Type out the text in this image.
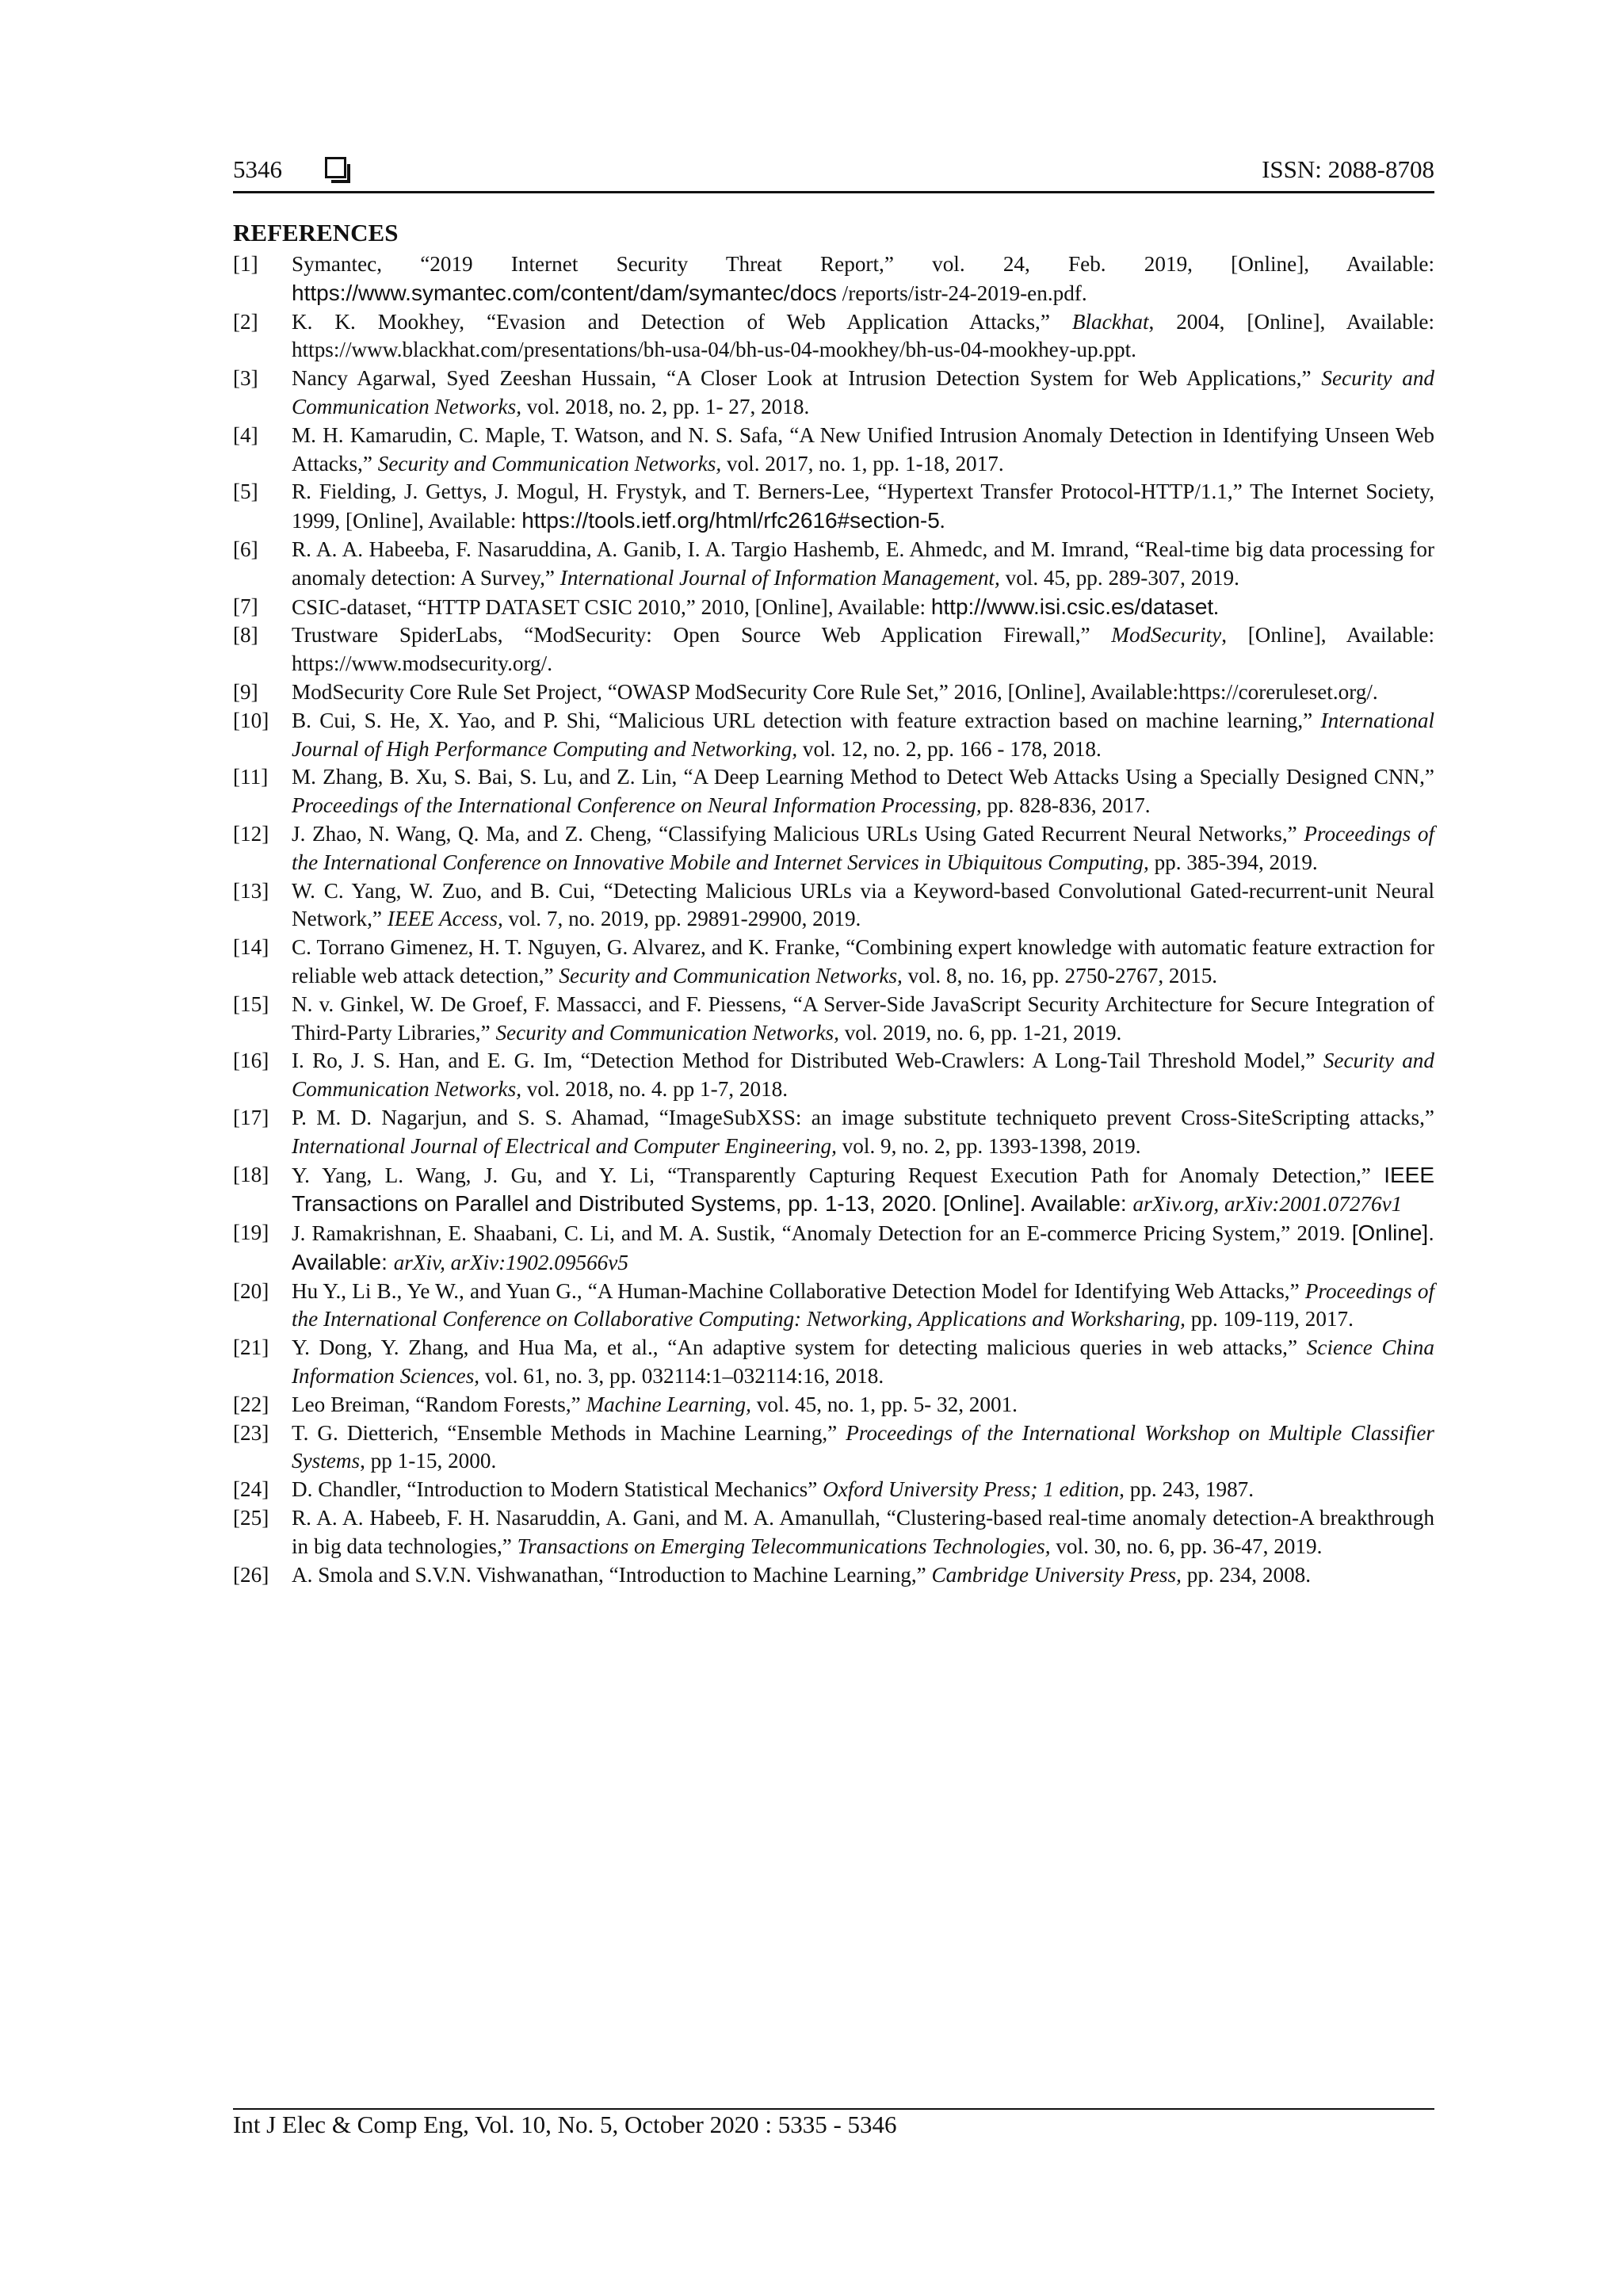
5346	ISSN: 2088-8708
REFERENCES
[1] Symantec, “2019 Internet Security Threat Report,” vol. 24, Feb. 2019, [Online], Available: https://www.symantec.com/content/dam/symantec/docs /reports/istr-24-2019-en.pdf.
[2] K. K. Mookhey, “Evasion and Detection of Web Application Attacks,” Blackhat, 2004, [Online], Available: https://www.blackhat.com/presentations/bh-usa-04/bh-us-04-mookhey/bh-us-04-mookhey-up.ppt.
[3] Nancy Agarwal, Syed Zeeshan Hussain, “A Closer Look at Intrusion Detection System for Web Applications,” Security and Communication Networks, vol. 2018, no. 2, pp. 1- 27, 2018.
[4] M. H. Kamarudin, C. Maple, T. Watson, and N. S. Safa, “A New Unified Intrusion Anomaly Detection in Identifying Unseen Web Attacks,” Security and Communication Networks, vol. 2017, no. 1, pp. 1-18, 2017.
[5] R. Fielding, J. Gettys, J. Mogul, H. Frystyk, and T. Berners-Lee, “Hypertext Transfer Protocol-HTTP/1.1,” The Internet Society, 1999, [Online], Available: https://tools.ietf.org/html/rfc2616#section-5.
[6] R. A. A. Habeeba, F. Nasaruddina, A. Ganib, I. A. Targio Hashemb, E. Ahmedc, and M. Imrand, “Real-time big data processing for anomaly detection: A Survey,” International Journal of Information Management, vol. 45, pp. 289-307, 2019.
[7] CSIC-dataset, “HTTP DATASET CSIC 2010,” 2010, [Online], Available: http://www.isi.csic.es/dataset.
[8] Trustware SpiderLabs, “ModSecurity: Open Source Web Application Firewall,” ModSecurity, [Online], Available: https://www.modsecurity.org/.
[9] ModSecurity Core Rule Set Project, “OWASP ModSecurity Core Rule Set,” 2016, [Online], Available:https://coreruleset.org/.
[10] B. Cui, S. He, X. Yao, and P. Shi, “Malicious URL detection with feature extraction based on machine learning,” International Journal of High Performance Computing and Networking, vol. 12, no. 2, pp. 166 - 178, 2018.
[11] M. Zhang, B. Xu, S. Bai, S. Lu, and Z. Lin, “A Deep Learning Method to Detect Web Attacks Using a Specially Designed CNN,” Proceedings of the International Conference on Neural Information Processing, pp. 828-836, 2017.
[12] J. Zhao, N. Wang, Q. Ma, and Z. Cheng, “Classifying Malicious URLs Using Gated Recurrent Neural Networks,” Proceedings of the International Conference on Innovative Mobile and Internet Services in Ubiquitous Computing, pp. 385-394, 2019.
[13] W. C. Yang, W. Zuo, and B. Cui, “Detecting Malicious URLs via a Keyword-based Convolutional Gated-recurrent-unit Neural Network,” IEEE Access, vol. 7, no. 2019, pp. 29891-29900, 2019.
[14] C. Torrano Gimenez, H. T. Nguyen, G. Alvarez, and K. Franke, “Combining expert knowledge with automatic feature extraction for reliable web attack detection,” Security and Communication Networks, vol. 8, no. 16, pp. 2750-2767, 2015.
[15] N. v. Ginkel, W. De Groef, F. Massacci, and F. Piessens, “A Server-Side JavaScript Security Architecture for Secure Integration of Third-Party Libraries,” Security and Communication Networks, vol. 2019, no. 6, pp. 1-21, 2019.
[16] I. Ro, J. S. Han, and E. G. Im, “Detection Method for Distributed Web-Crawlers: A Long-Tail Threshold Model,” Security and Communication Networks, vol. 2018, no. 4. pp 1-7, 2018.
[17] P. M. D. Nagarjun, and S. S. Ahamad, “ImageSubXSS: an image substitute techniqueto prevent Cross-SiteScripting attacks,” International Journal of Electrical and Computer Engineering, vol. 9, no. 2, pp. 1393-1398, 2019.
[18] Y. Yang, L. Wang, J. Gu, and Y. Li, “Transparently Capturing Request Execution Path for Anomaly Detection,” IEEE Transactions on Parallel and Distributed Systems, pp. 1-13, 2020. [Online]. Available: arXiv.org, arXiv:2001.07276v1
[19] J. Ramakrishnan, E. Shaabani, C. Li, and M. A. Sustik, “Anomaly Detection for an E-commerce Pricing System,” 2019. [Online]. Available: arXiv, arXiv:1902.09566v5
[20] Hu Y., Li B., Ye W., and Yuan G., “A Human-Machine Collaborative Detection Model for Identifying Web Attacks,” Proceedings of the International Conference on Collaborative Computing: Networking, Applications and Worksharing, pp. 109-119, 2017.
[21] Y. Dong, Y. Zhang, and Hua Ma, et al., “An adaptive system for detecting malicious queries in web attacks,” Science China Information Sciences, vol. 61, no. 3, pp. 032114:1–032114:16, 2018.
[22] Leo Breiman, “Random Forests,” Machine Learning, vol. 45, no. 1, pp. 5- 32, 2001.
[23] T. G. Dietterich, “Ensemble Methods in Machine Learning,” Proceedings of the International Workshop on Multiple Classifier Systems, pp 1-15, 2000.
[24] D. Chandler, “Introduction to Modern Statistical Mechanics” Oxford University Press; 1 edition, pp. 243, 1987.
[25] R. A. A. Habeeb, F. H. Nasaruddin, A. Gani, and M. A. Amanullah, “Clustering-based real-time anomaly detection-A breakthrough in big data technologies,” Transactions on Emerging Telecommunications Technologies, vol. 30, no. 6, pp. 36-47, 2019.
[26] A. Smola and S.V.N. Vishwanathan, “Introduction to Machine Learning,” Cambridge University Press, pp. 234, 2008.
Int J Elec & Comp Eng, Vol. 10, No. 5, October 2020 : 5335 - 5346
